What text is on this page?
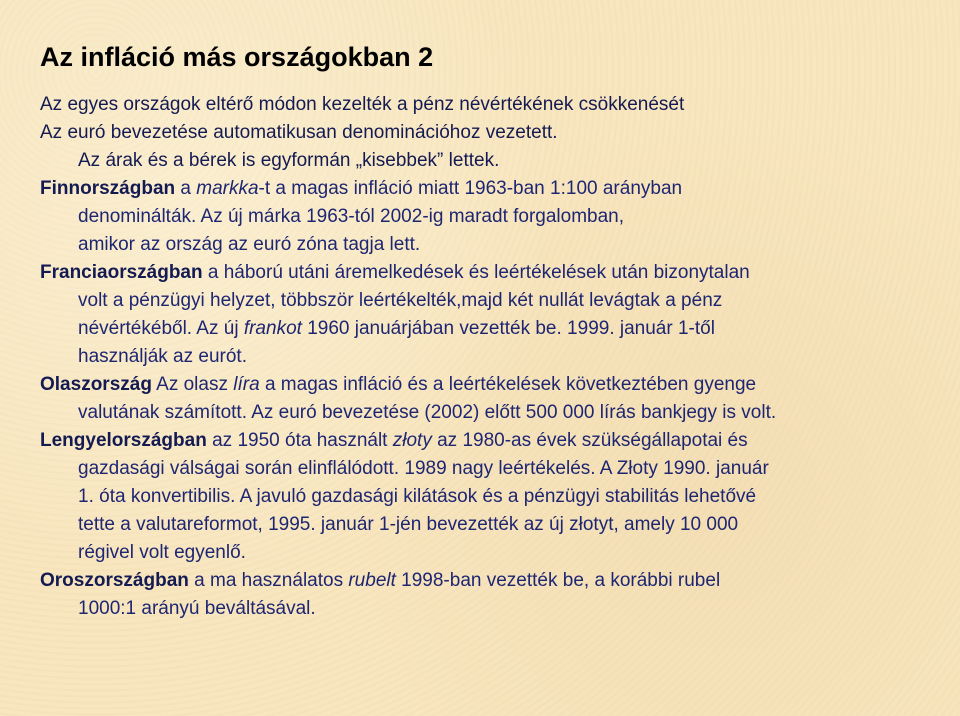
Az infláció más országokban 2
Az egyes országok eltérő módon kezelték a pénz névértékének csökkenését
Az euró bevezetése automatikusan denominációhoz vezetett.
Az árak és a bérek is egyformán „kisebbek” lettek.
Finnországban a markka-t a magas infláció miatt 1963-ban 1:100 arányban
denominálták. Az új márka 1963-tól 2002-ig maradt forgalomban,
amikor az ország az euró zóna tagja lett.
Franciaországban a háború utáni áremelkedések és leértékelések után bizonytalan
volt a pénzügyi helyzet, többször leértékelték,majd két nullát levágtak a pénz
névértékéből. Az új frankot 1960 januárjában vezették be. 1999. január 1-től
használják az eurót.
Olaszország Az olasz líra a magas infláció és a leértékelések következtében gyenge
valutának számított. Az euró bevezetése (2002) előtt 500 000 lírás bankjegy is volt.
Lengyelországban az 1950 óta használt złoty az 1980-as évek szükségállapotai és
gazdasági válságai során elinflálódott. 1989 nagy leértékelés. A Złoty 1990. január
1. óta konvertibilis. A javuló gazdasági kilátások és a pénzügyi stabilitás lehetővé
tette a valutareformot, 1995. január 1-jén bevezették az új złotyt, amely 10 000
régivel volt egyenlő.
Oroszországban a ma használatos rubelt 1998-ban vezették be, a korábbi rubel
1000:1 arányú beváltásával.
